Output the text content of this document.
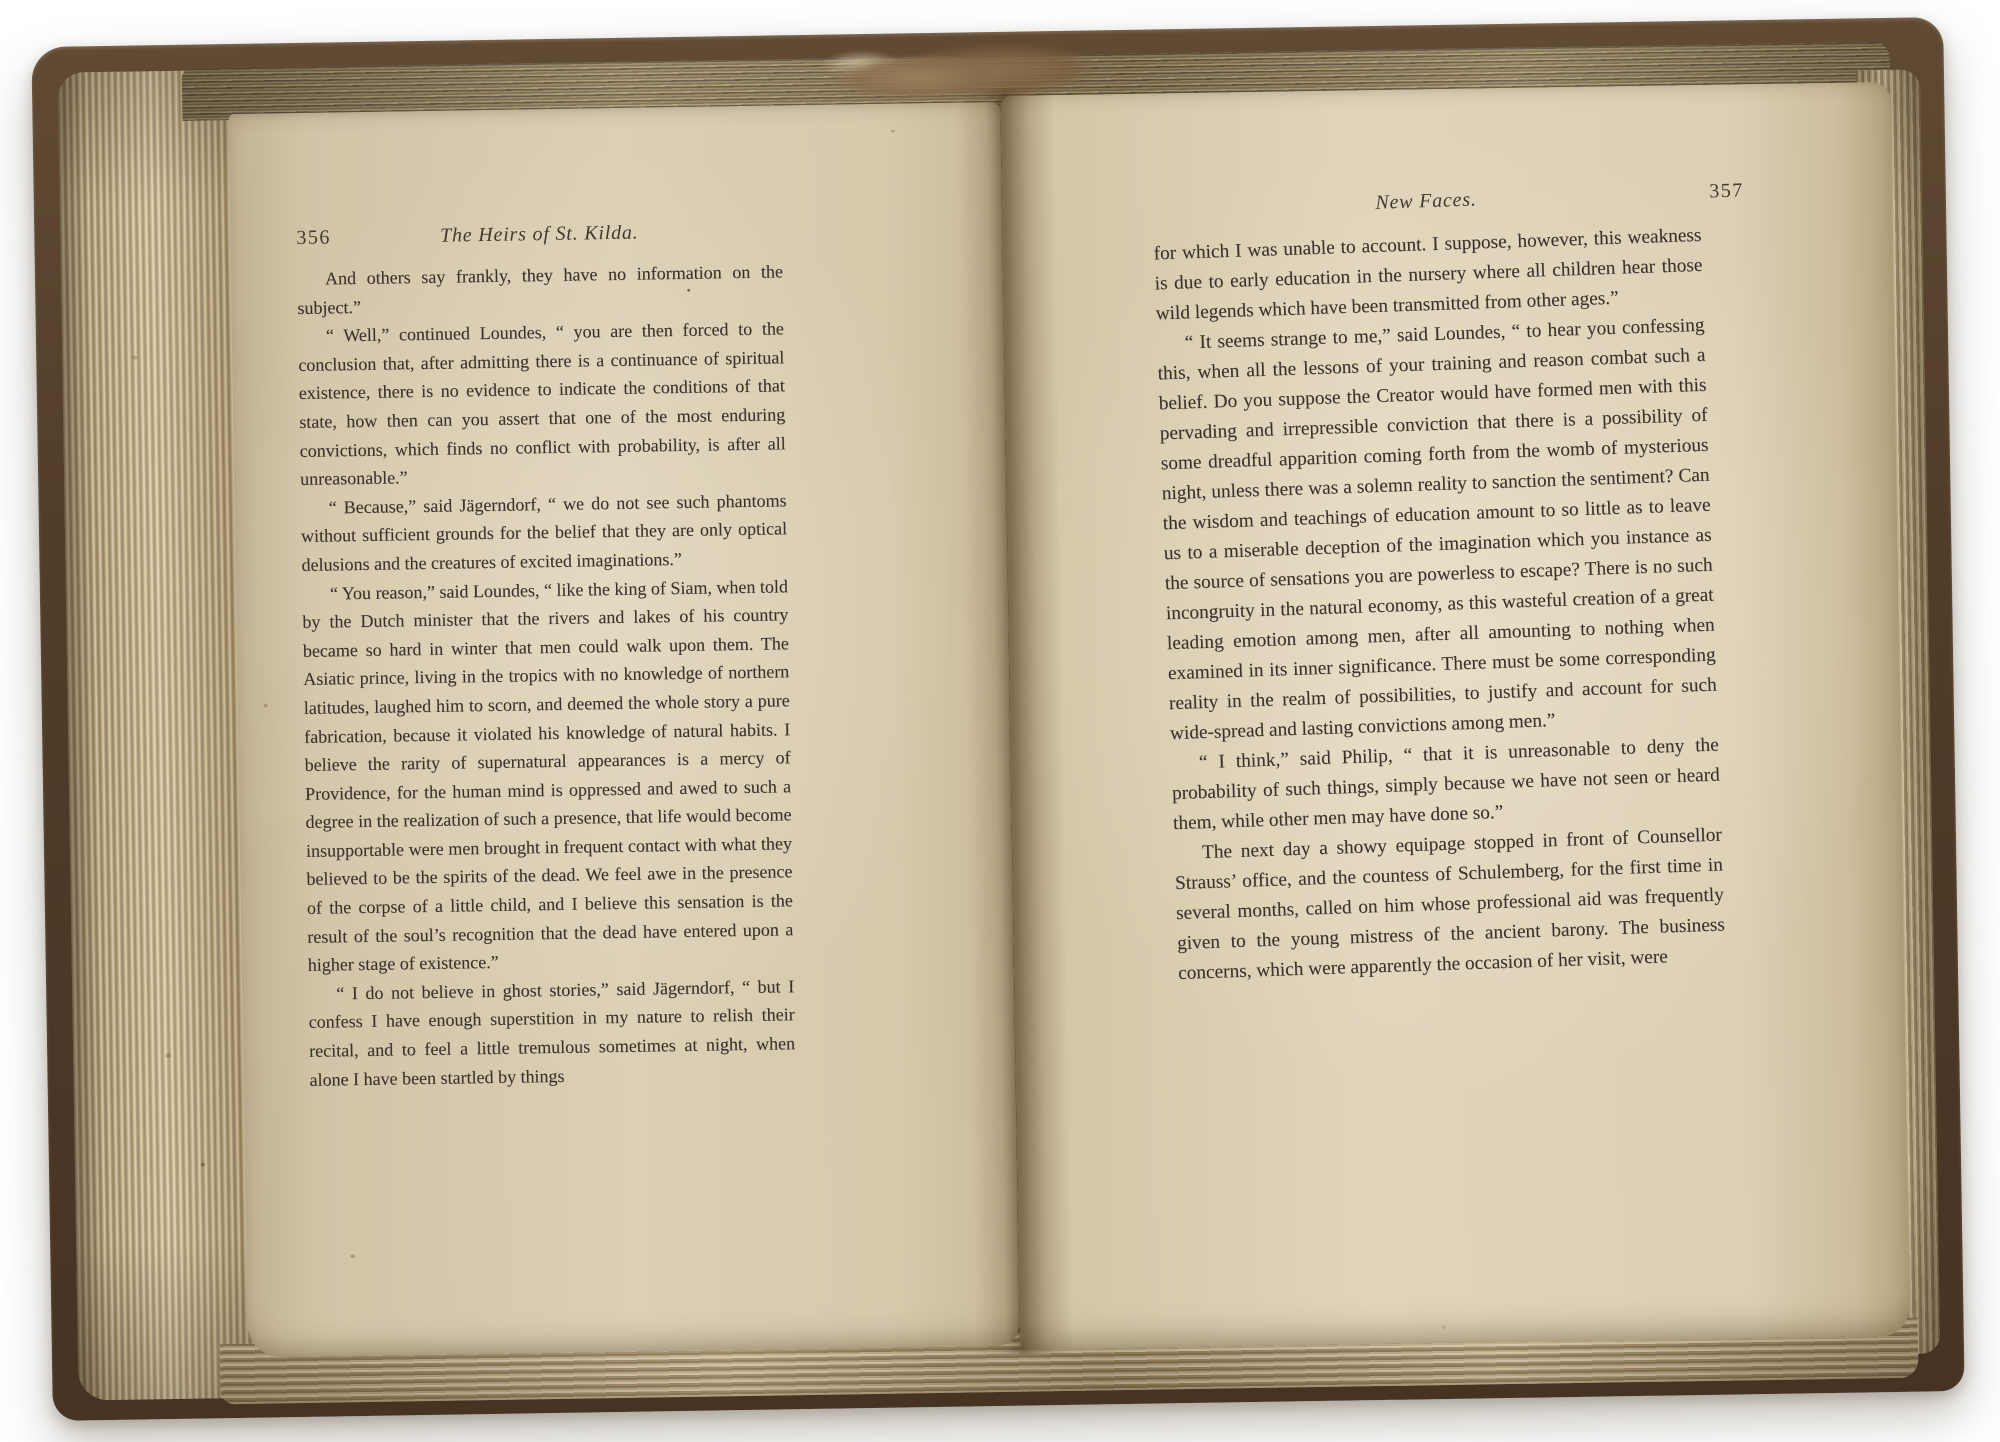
356	The Heirs of St. Kilda.

And others say frankly, they have no information on the subject.”

“ Well,” continued Loundes, “ you are then forced to the conclusion that, after admitting there is a continuance of spiritual existence, there is no evidence to indicate the conditions of that state, how then can you assert that one of the most enduring convictions, which finds no conflict with probability, is after all unreasonable.”

“ Because,” said Jägerndorf, “ we do not see such phantoms without sufficient grounds for the belief that they are only optical delusions and the creatures of excited imaginations.”

“ You reason,” said Loundes, “ like the king of Siam, when told by the Dutch minister that the rivers and lakes of his country became so hard in winter that men could walk upon them. The Asiatic prince, living in the tropics with no knowledge of northern latitudes, laughed him to scorn, and deemed the whole story a pure fabrication, because it violated his knowledge of natural habits. I believe the rarity of supernatural appearances is a mercy of Providence, for the human mind is oppressed and awed to such a degree in the realization of such a presence, that life would become insupportable were men brought in frequent contact with what they believed to be the spirits of the dead. We feel awe in the presence of the corpse of a little child, and I believe this sensation is the result of the soul’s recognition that the dead have entered upon a higher stage of existence.”

“ I do not believe in ghost stories,” said Jägerndorf, “ but I confess I have enough superstition in my nature to relish their recital, and to feel a little tremulous sometimes at night, when alone I have been startled by things

New Faces.	357

for which I was unable to account. I suppose, however, this weakness is due to early education in the nursery where all children hear those wild legends which have been transmitted from other ages.”

“ It seems strange to me,” said Loundes, “ to hear you confessing this, when all the lessons of your training and reason combat such a belief. Do you suppose the Creator would have formed men with this pervading and irrepressible conviction that there is a possibility of some dreadful apparition coming forth from the womb of mysterious night, unless there was a solemn reality to sanction the sentiment? Can the wisdom and teachings of education amount to so little as to leave us to a miserable deception of the imagination which you instance as the source of sensations you are powerless to escape? There is no such incongruity in the natural economy, as this wasteful creation of a great leading emotion among men, after all amounting to nothing when examined in its inner significance. There must be some corresponding reality in the realm of possibilities, to justify and account for such wide-spread and lasting convictions among men.”

“ I think,” said Philip, “ that it is unreasonable to deny the probability of such things, simply because we have not seen or heard them, while other men may have done so.”

The next day a showy equipage stopped in front of Counsellor Strauss’ office, and the countess of Schulemberg, for the first time in several months, called on him whose professional aid was frequently given to the young mistress of the ancient barony. The business concerns, which were apparently the occasion of her visit, were
